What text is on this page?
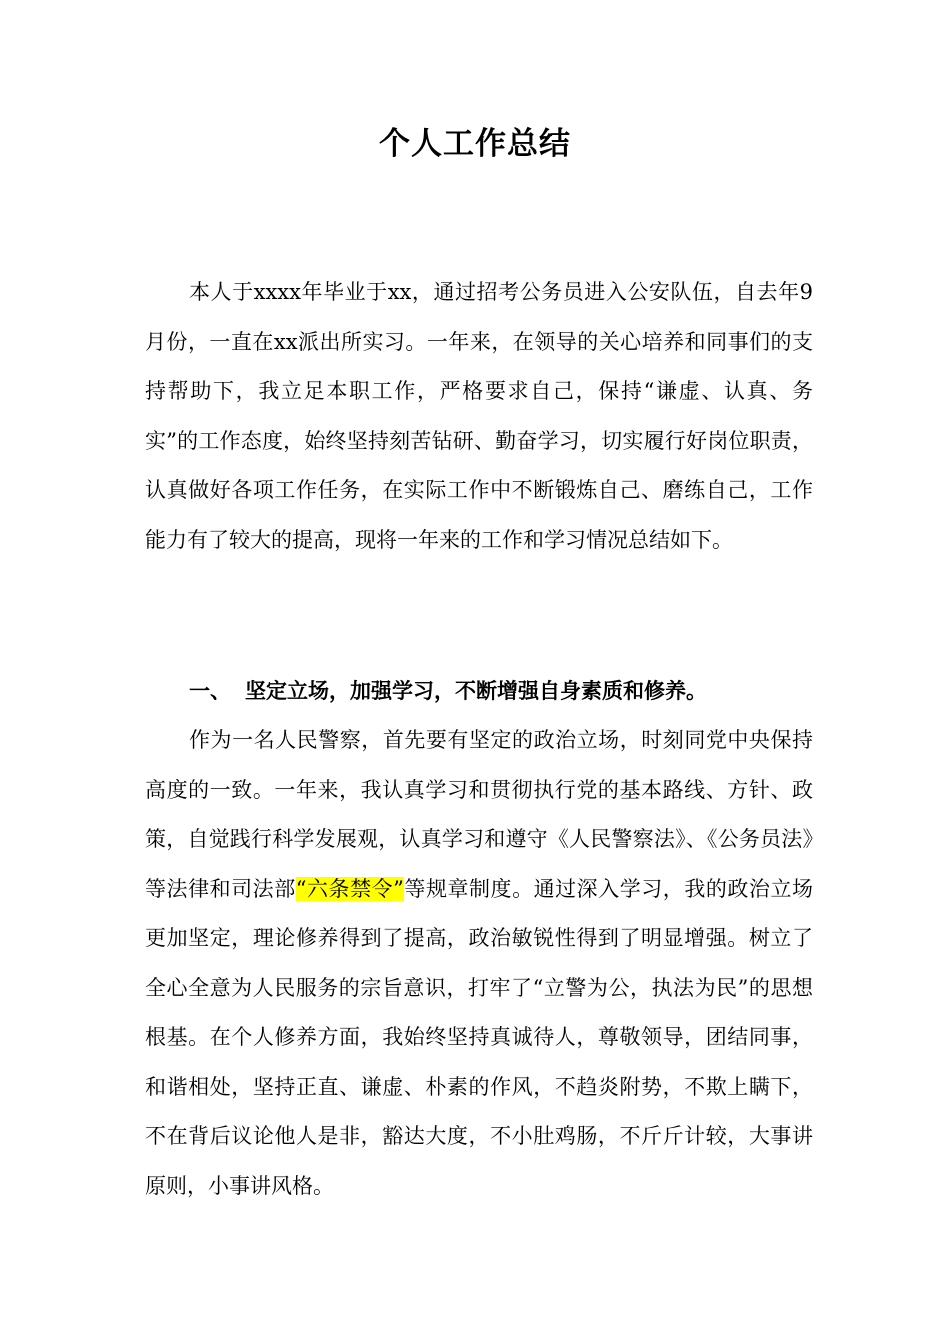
个人工作总结

本人于xxxx年毕业于xx，通过招考公务员进入公安队伍，自去年9月份，一直在xx派出所实习。一年来，在领导的关心培养和同事们的支持帮助下，我立足本职工作，严格要求自己，保持“谦虚、认真、务实”的工作态度，始终坚持刻苦钻研、勤奋学习，切实履行好岗位职责，认真做好各项工作任务，在实际工作中不断锻炼自己、磨练自己，工作能力有了较大的提高，现将一年来的工作和学习情况总结如下。

一、 坚定立场，加强学习，不断增强自身素质和修养。

作为一名人民警察，首先要有坚定的政治立场，时刻同党中央保持高度的一致。一年来，我认真学习和贯彻执行党的基本路线、方针、政策，自觉践行科学发展观，认真学习和遵守《人民警察法》、《公务员法》等法律和司法部“六条禁令”等规章制度。通过深入学习，我的政治立场更加坚定，理论修养得到了提高，政治敏锐性得到了明显增强。树立了全心全意为人民服务的宗旨意识，打牢了“立警为公，执法为民”的思想根基。在个人修养方面，我始终坚持真诚待人，尊敬领导，团结同事，和谐相处，坚持正直、谦虚、朴素的作风，不趋炎附势，不欺上瞒下，不在背后议论他人是非，豁达大度，不小肚鸡肠，不斤斤计较，大事讲原则，小事讲风格。
